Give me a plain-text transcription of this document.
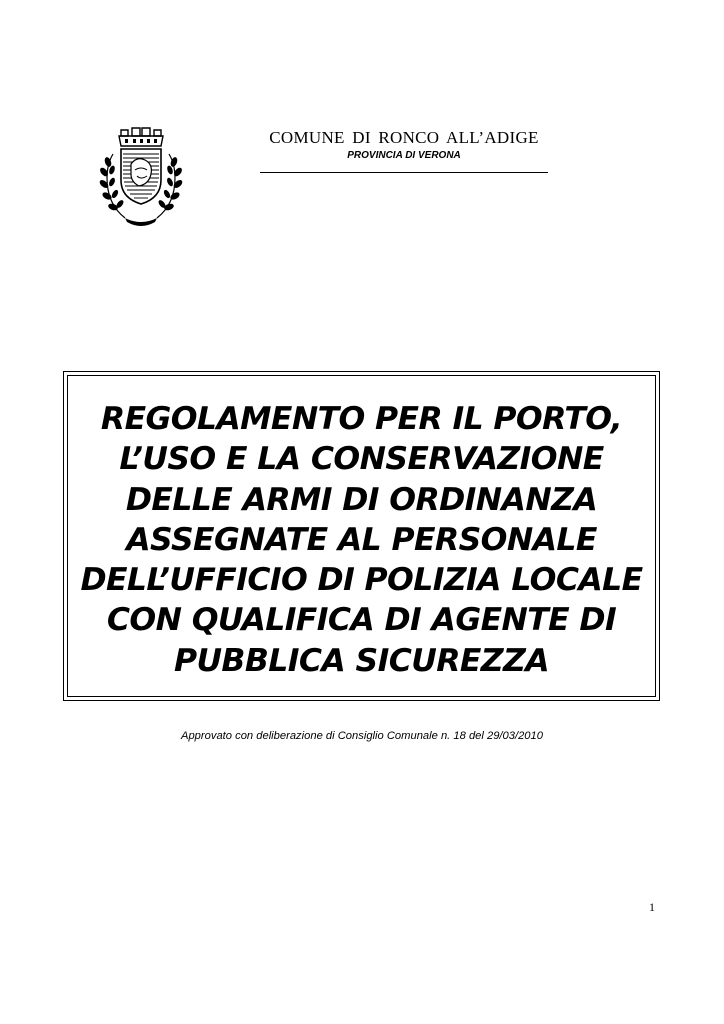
COMUNE DI RONCO ALL’ADIGE
PROVINCIA DI VERONA
REGOLAMENTO PER IL PORTO,
L’USO E LA CONSERVAZIONE
DELLE ARMI DI ORDINANZA
ASSEGNATE AL PERSONALE
DELL’UFFICIO DI POLIZIA LOCALE
CON QUALIFICA DI AGENTE DI
PUBBLICA SICUREZZA
Approvato con deliberazione di Consiglio Comunale n. 18 del 29/03/2010
1
